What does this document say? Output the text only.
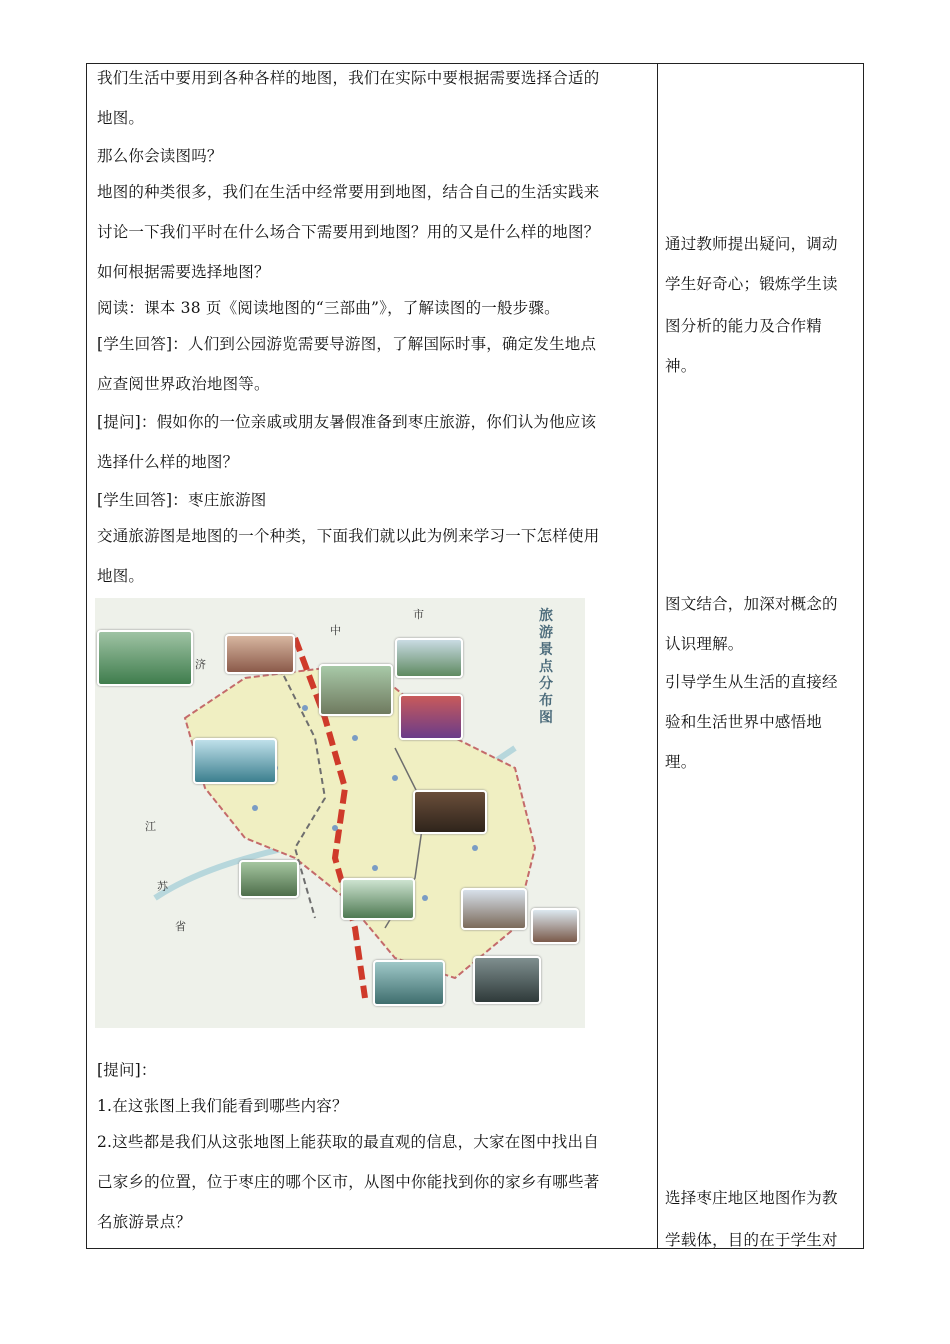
我们生活中要用到各种各样的地图，我们在实际中要根据需要选择合适的
地图。
那么你会读图吗？
地图的种类很多，我们在生活中经常要用到地图，结合自己的生活实践来
讨论一下我们平时在什么场合下需要用到地图？用的又是什么样的地图？
如何根据需要选择地图？
阅读：课本 38 页《阅读地图的“三部曲”》，了解读图的一般步骤。
[学生回答]：人们到公园游览需要导游图，了解国际时事，确定发生地点
应查阅世界政治地图等。
[提问]：假如你的一位亲戚或朋友暑假准备到枣庄旅游，你们认为他应该
选择什么样的地图？
[学生回答]：枣庄旅游图
交通旅游图是地图的一个种类，下面我们就以此为例来学习一下怎样使用
地图。
中
市
济
江
苏
省
旅游景点分布图
[提问]：
1.在这张图上我们能看到哪些内容？
2.这些都是我们从这张地图上能获取的最直观的信息，大家在图中找出自
己家乡的位置，位于枣庄的哪个区市，从图中你能找到你的家乡有哪些著
名旅游景点？
通过教师提出疑问，调动
学生好奇心；锻炼学生读
图分析的能力及合作精
神。
图文结合，加深对概念的
认识理解。
引导学生从生活的直接经
验和生活世界中感悟地
理。
选择枣庄地区地图作为教
学载体，目的在于学生对
